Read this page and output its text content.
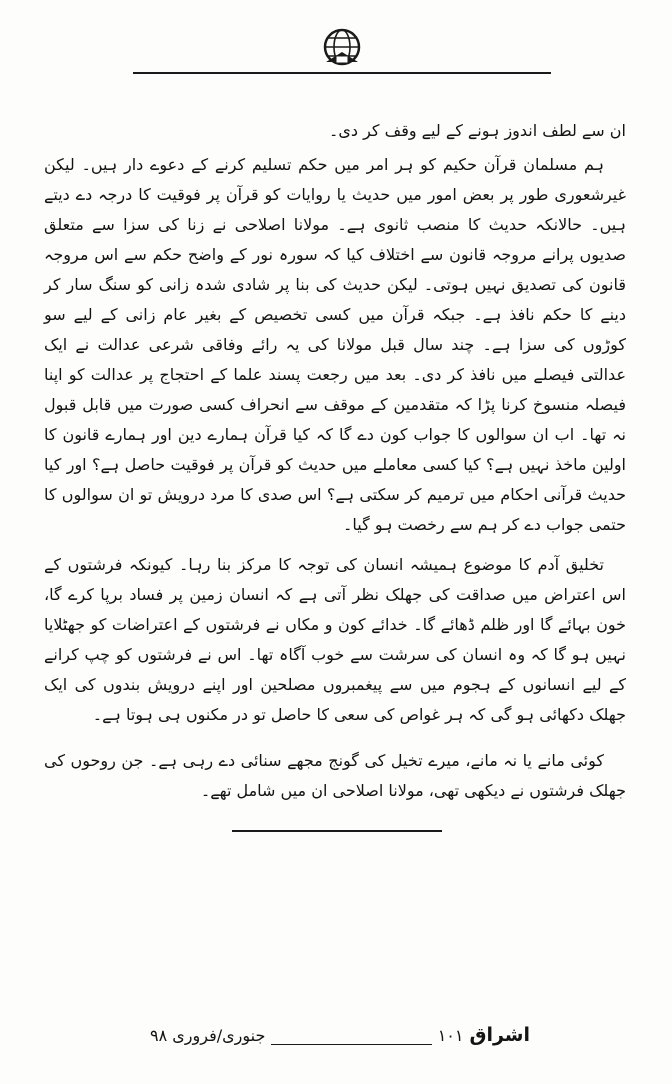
ان سے لطف اندوز ہونے کے لیے وقف کر دی۔

ہم مسلمان قرآن حکیم کو ہر امر میں حکم تسلیم کرنے کے دعوے دار ہیں۔ لیکن غیرشعوری طور پر بعض امور میں حدیث یا روایات کو قرآن پر فوقیت کا درجہ دے دیتے ہیں۔ حالانکہ حدیث کا منصب ثانوی ہے۔ مولانا اصلاحی نے زنا کی سزا سے متعلق صدیوں پرانے مروجہ قانون سے اختلاف کیا کہ سورہ نور کے واضح حکم سے اس مروجہ قانون کی تصدیق نہیں ہوتی۔ لیکن حدیث کی بنا پر شادی شدہ زانی کو سنگ سار کر دینے کا حکم نافذ ہے۔ جبکہ قرآن میں کسی تخصیص کے بغیر عام زانی کے لیے سو کوڑوں کی سزا ہے۔ چند سال قبل مولانا کی یہ رائے وفاقی شرعی عدالت نے ایک عدالتی فیصلے میں نافذ کر دی۔ بعد میں رجعت پسند علما کے احتجاج پر عدالت کو اپنا فیصلہ منسوخ کرنا پڑا کہ متقدمین کے موقف سے انحراف کسی صورت میں قابل قبول نہ تھا۔ اب ان سوالوں کا جواب کون دے گا کہ کیا قرآن ہمارے دین اور ہمارے قانون کا اولین ماخذ نہیں ہے؟ کیا کسی معاملے میں حدیث کو قرآن پر فوقیت حاصل ہے؟ اور کیا حدیث قرآنی احکام میں ترمیم کر سکتی ہے؟ اس صدی کا مرد درویش تو ان سوالوں کا حتمی جواب دے کر ہم سے رخصت ہو گیا۔

تخلیق آدم کا موضوع ہمیشہ انسان کی توجہ کا مرکز بنا رہا۔ کیونکہ فرشتوں کے اس اعتراض میں صداقت کی جھلک نظر آتی ہے کہ انسان زمین پر فساد برپا کرے گا، خون بہائے گا اور ظلم ڈھائے گا۔ خدائے کون و مکاں نے فرشتوں کے اعتراضات کو جھٹلایا نہیں ہو گا کہ وہ انسان کی سرشت سے خوب آگاہ تھا۔ اس نے فرشتوں کو چپ کرانے کے لیے انسانوں کے ہجوم میں سے پیغمبروں مصلحین اور اپنے درویش بندوں کی ایک جھلک دکھائی ہو گی کہ ہر غواص کی سعی کا حاصل تو در مکنوں ہی ہوتا ہے۔

کوئی مانے یا نہ مانے، میرے تخیل کی گونج مجھے سنائی دے رہی ہے۔ جن روحوں کی جھلک فرشتوں نے دیکھی تھی، مولانا اصلاحی ان میں شامل تھے۔

اشراق
۱۰۱
جنوری/فروری ۹۸
